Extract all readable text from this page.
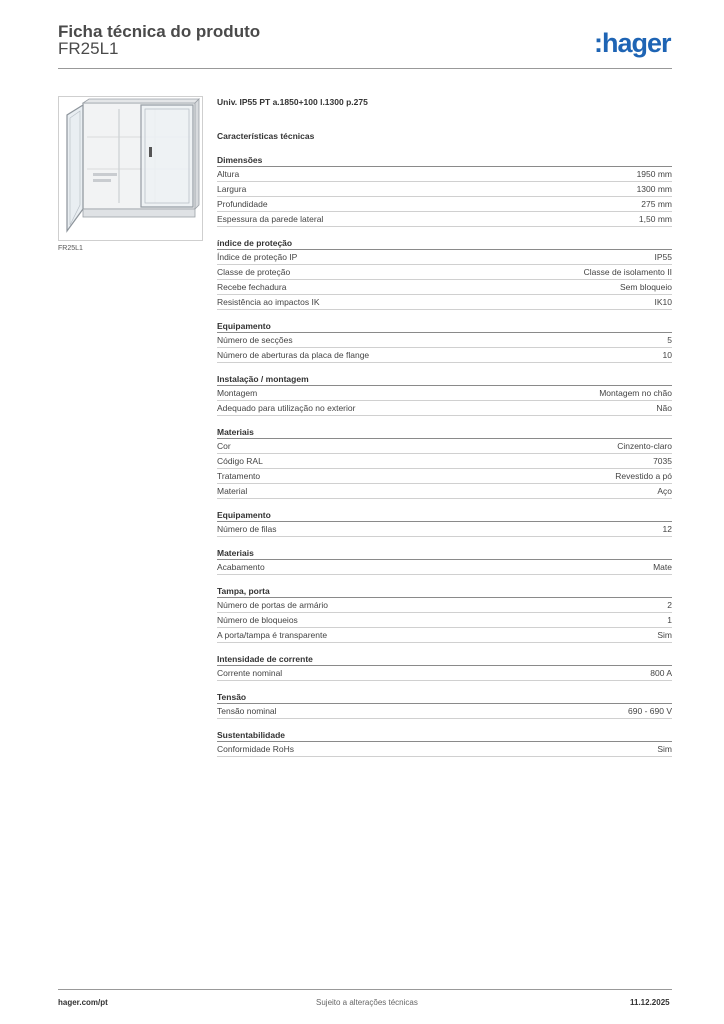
Ficha técnica do produto
FR25L1	:hager
FR25L1
Univ. IP55 PT a.1850+100 l.1300 p.275
Características técnicas
Dimensões
Altura	1950 mm
Largura	1300 mm
Profundidade	275 mm
Espessura da parede lateral	1,50 mm
índice de proteção
Índice de proteção IP	IP55
Classe de proteção	Classe de isolamento II
Recebe fechadura	Sem bloqueio
Resistência ao impactos IK	IK10
Equipamento
Número de secções	5
Número de aberturas da placa de flange	10
Instalação / montagem
Montagem	Montagem no chão
Adequado para utilização no exterior	Não
Materiais
Cor	Cinzento-claro
Código RAL	7035
Tratamento	Revestido a pó
Material	Aço
Equipamento
Número de filas	12
Materiais
Acabamento	Mate
Tampa, porta
Número de portas de armário	2
Número de bloqueios	1
A porta/tampa é transparente	Sim
Intensidade de corrente
Corrente nominal	800 A
Tensão
Tensão nominal	690 - 690 V
Sustentabilidade
Conformidade RoHs	Sim
hager.com/pt	Sujeito a alterações técnicas	11.12.2025
